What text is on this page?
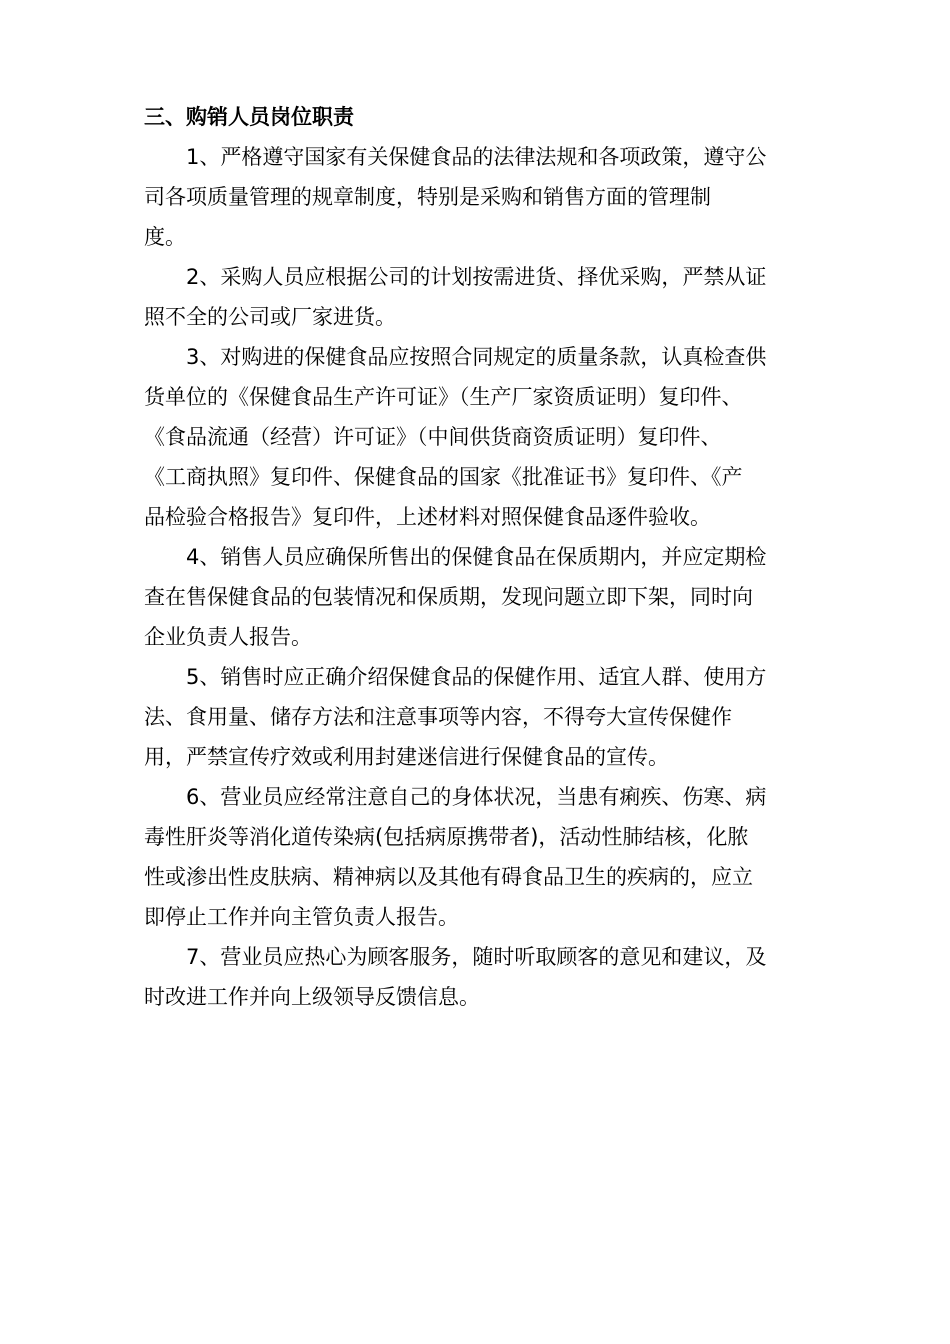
三、购销人员岗位职责
1、严格遵守国家有关保健食品的法律法规和各项政策，遵守公
司各项质量管理的规章制度，特别是采购和销售方面的管理制
度。
2、采购人员应根据公司的计划按需进货、择优采购，严禁从证
照不全的公司或厂家进货。
3、对购进的保健食品应按照合同规定的质量条款，认真检查供
货单位的《保健食品生产许可证》（生产厂家资质证明）复印件、
《食品流通（经营）许可证》（中间供货商资质证明）复印件、
《工商执照》复印件、保健食品的国家《批准证书》复印件、《产
品检验合格报告》复印件，上述材料对照保健食品逐件验收。
4、销售人员应确保所售出的保健食品在保质期内，并应定期检
查在售保健食品的包装情况和保质期，发现问题立即下架，同时向
企业负责人报告。
5、销售时应正确介绍保健食品的保健作用、适宜人群、使用方
法、食用量、储存方法和注意事项等内容，不得夸大宣传保健作
用，严禁宣传疗效或利用封建迷信进行保健食品的宣传。
6、营业员应经常注意自己的身体状况，当患有痢疾、伤寒、病
毒性肝炎等消化道传染病(包括病原携带者)，活动性肺结核，化脓
性或渗出性皮肤病、精神病以及其他有碍食品卫生的疾病的，应立
即停止工作并向主管负责人报告。
7、营业员应热心为顾客服务，随时听取顾客的意见和建议，及
时改进工作并向上级领导反馈信息。
